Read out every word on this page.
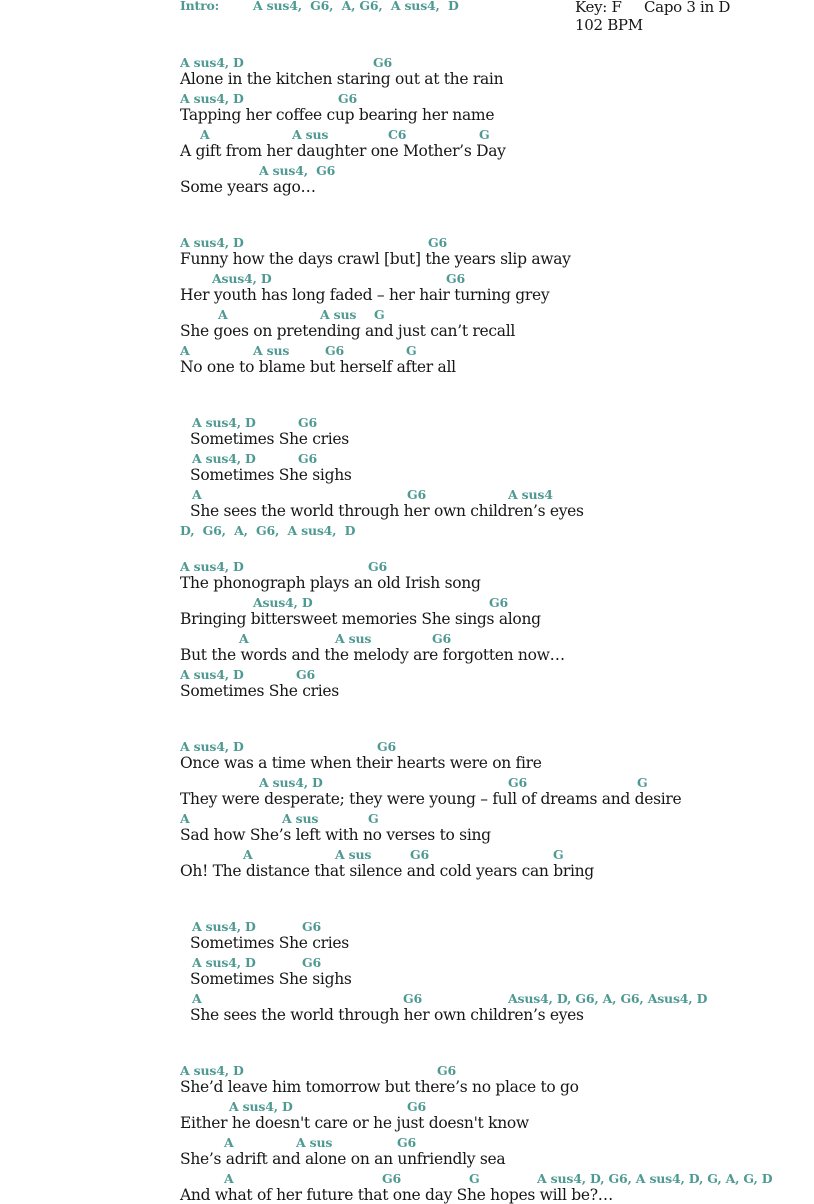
Intro:	A sus4,  G6,  A, G6,  A sus4,  D	Key: F Capo 3 in D
102 BPM
A sus4, D	G6
Alone in the kitchen staring out at the rain
A sus4, D	G6
Tapping her coffee cup bearing her name
A	A sus	C6	G
A gift from her daughter one Mother’s Day
A sus4,  G6
Some years ago…
A sus4, D	G6
Funny how the days crawl [but] the years slip away
Asus4, D	G6
Her youth has long faded – her hair turning grey
A	A sus G
She goes on pretending and just can’t recall
A	A sus	G6	G
No one to blame but herself after all
A sus4, D	G6
Sometimes She cries
A sus4, D	G6
Sometimes She sighs
A	G6	A sus4
She sees the world through her own children’s eyes
D,  G6,  A,  G6,  A sus4,  D
A sus4, D	G6
The phonograph plays an old Irish song
Asus4, D	G6
Bringing bittersweet memories She sings along
A	A sus	G6
But the words and the melody are forgotten now…
A sus4, D	G6
Sometimes She cries
A sus4, D	G6
Once was a time when their hearts were on fire
A sus4, D	G6	G
They were desperate; they were young – full of dreams and desire
A	A sus	G
Sad how She’s left with no verses to sing
A	A sus	G6	G
Oh! The distance that silence and cold years can bring
A sus4, D	G6
Sometimes She cries
A sus4, D	G6
Sometimes She sighs
A	G6	Asus4, D, G6, A, G6, Asus4, D
She sees the world through her own children’s eyes
A sus4, D	G6
She’d leave him tomorrow but there’s no place to go
A sus4, D	G6
Either he doesn't care or he just doesn't know
A	A sus	G6
She’s adrift and alone on an unfriendly sea
A	G6	G	A sus4, D, G6, A sus4, D, G, A, G, D
And what of her future that one day She hopes will be?…
